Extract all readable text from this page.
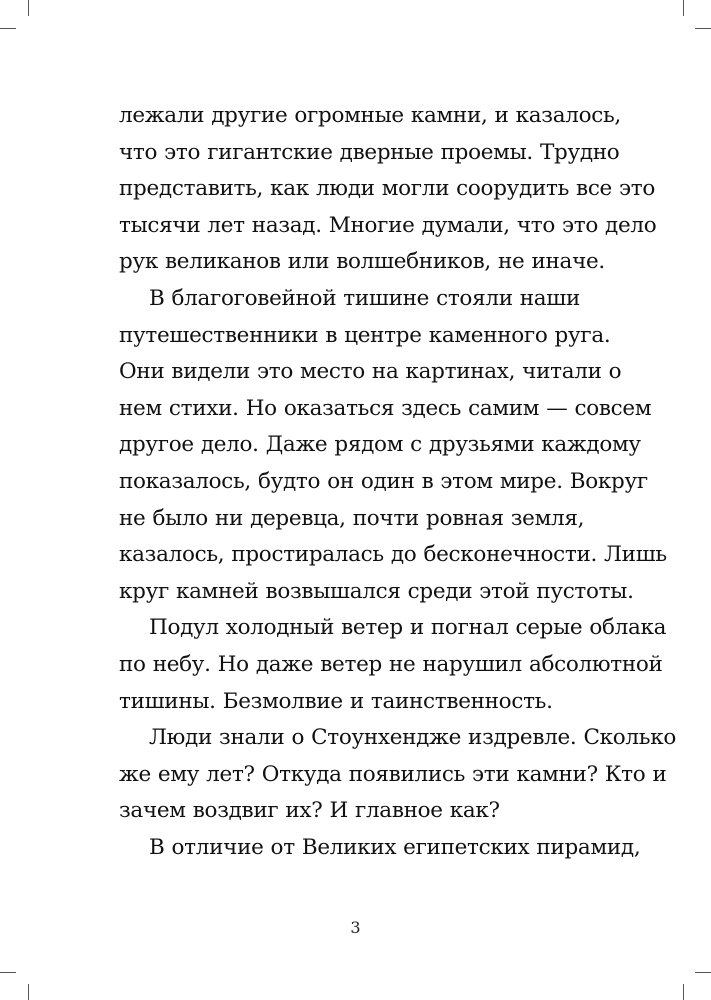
лежали другие огромные камни, и казалось,
что это гигантские дверные проемы. Трудно
представить, как люди могли соорудить все это
тысячи лет назад. Многие думали, что это дело
рук великанов или волшебников, не иначе.
В благоговейной тишине стояли наши
путешественники в центре каменного руга.
Они видели это место на картинах, читали о
нем стихи. Но оказаться здесь самим — совсем
другое дело. Даже рядом с друзьями каждому
показалось, будто он один в этом мире. Вокруг
не было ни деревца, почти ровная земля,
казалось, простиралась до бесконечности. Лишь
круг камней возвышался среди этой пустоты.
Подул холодный ветер и погнал серые облака
по небу. Но даже ветер не нарушил абсолютной
тишины. Безмолвие и таинственность.
Люди знали о Стоунхендже издревле. Сколько
же ему лет? Откуда появились эти камни? Кто и
зачем воздвиг их? И главное как?
В отличие от Великих египетских пирамид,
3
